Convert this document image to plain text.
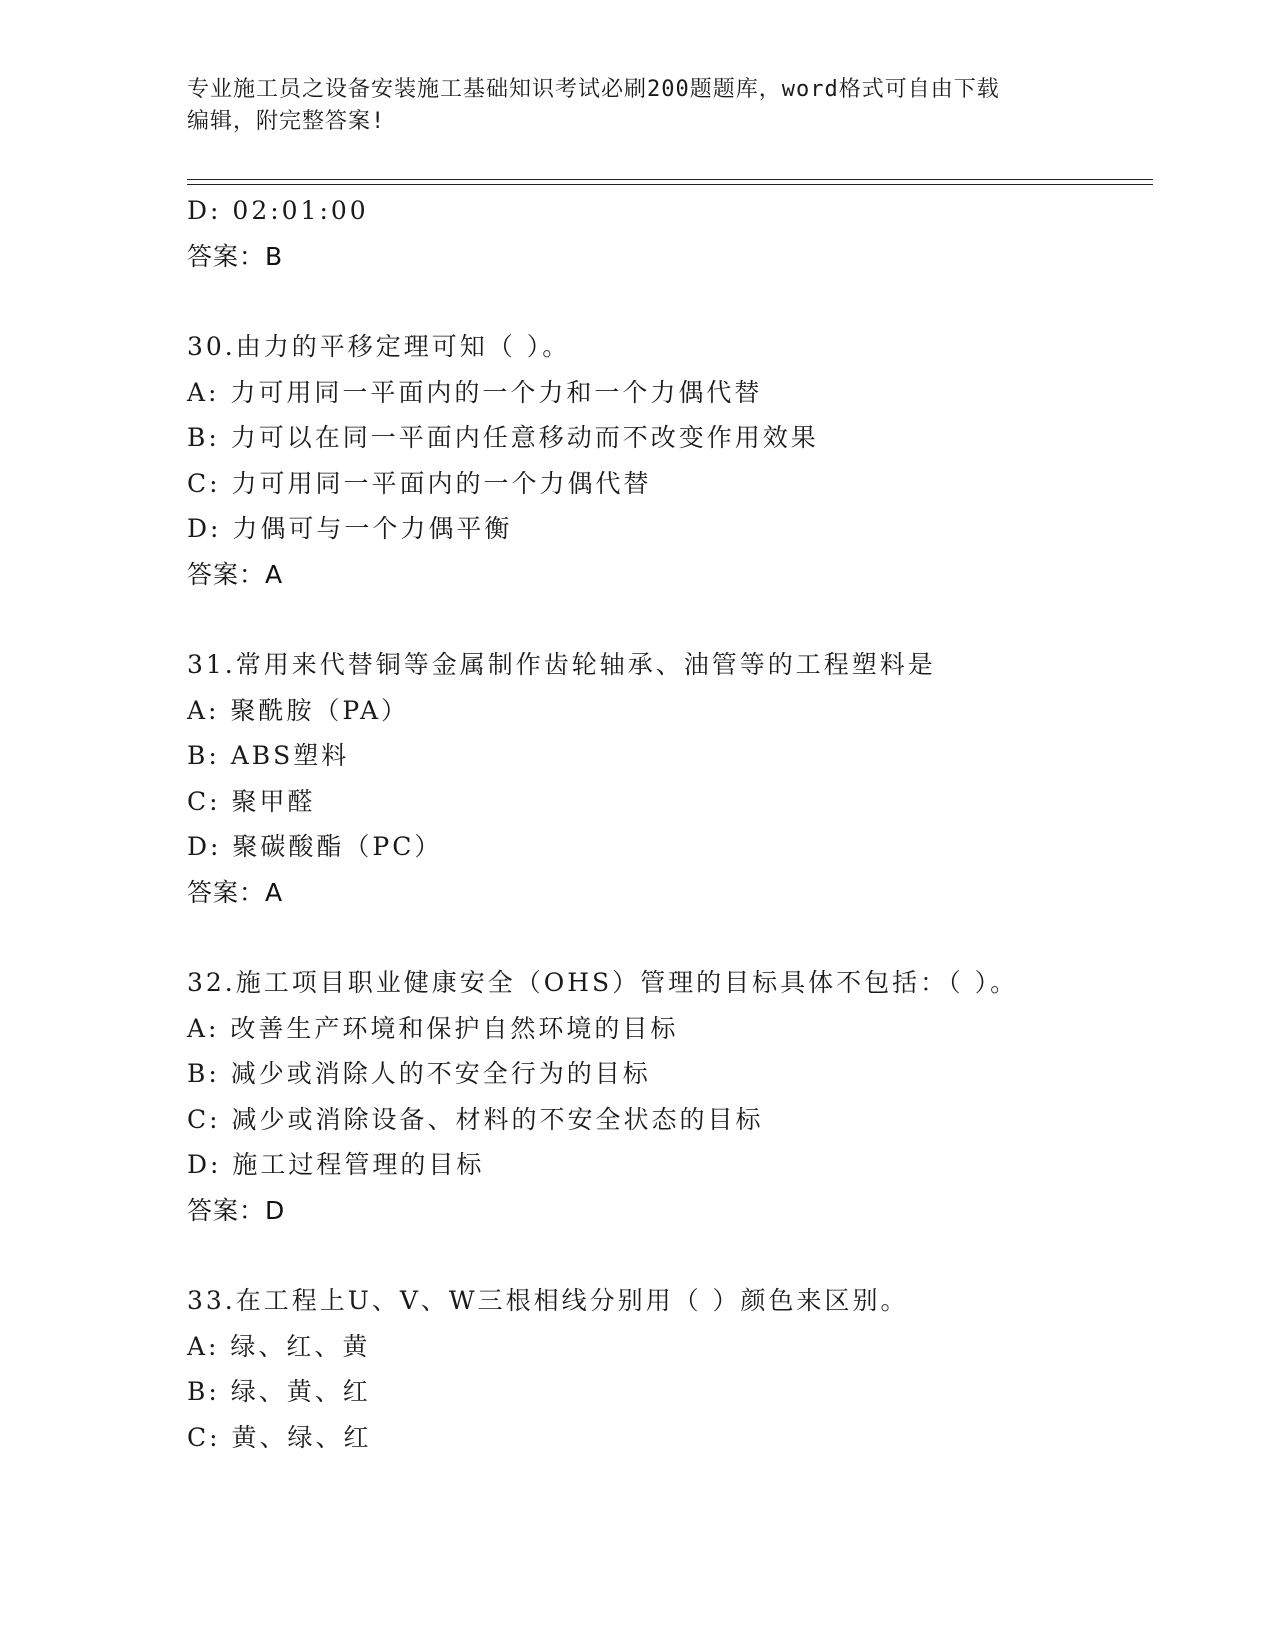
专业施工员之设备安装施工基础知识考试必刷200题题库，word格式可自由下载
编辑，附完整答案!
D: 02:01:00
答案：B
30.由力的平移定理可知（ ）。
A: 力可用同一平面内的一个力和一个力偶代替
B: 力可以在同一平面内任意移动而不改变作用效果
C: 力可用同一平面内的一个力偶代替
D: 力偶可与一个力偶平衡
答案：A
31.常用来代替铜等金属制作齿轮轴承、油管等的工程塑料是
A: 聚酰胺（PA）
B: ABS塑料
C: 聚甲醛
D: 聚碳酸酯（PC）
答案：A
32.施工项目职业健康安全（OHS）管理的目标具体不包括：（ ）。
A: 改善生产环境和保护自然环境的目标
B: 减少或消除人的不安全行为的目标
C: 减少或消除设备、材料的不安全状态的目标
D: 施工过程管理的目标
答案：D
33.在工程上U、V、W三根相线分别用（ ）颜色来区别。
A: 绿、红、黄
B: 绿、黄、红
C: 黄、绿、红
